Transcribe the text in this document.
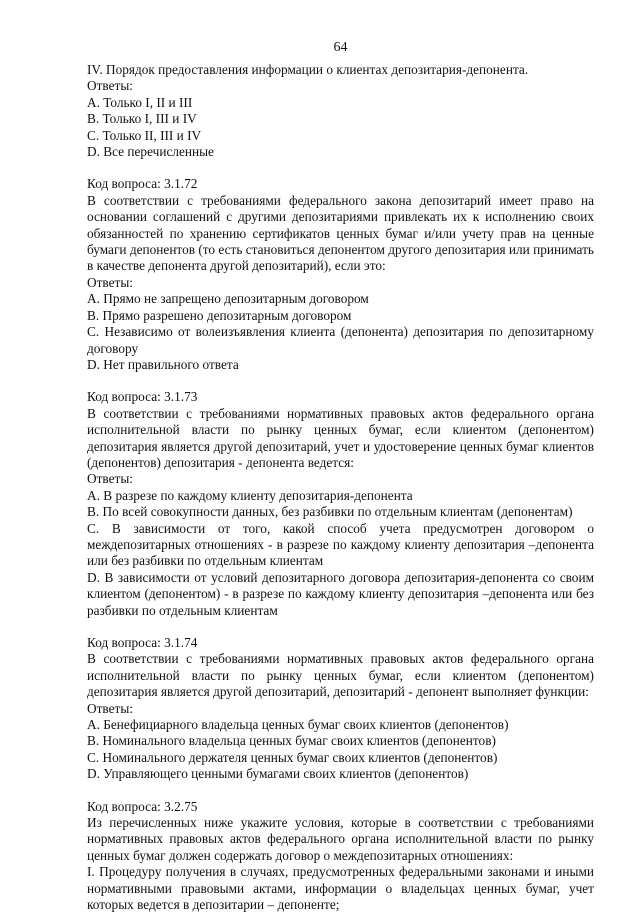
64
IV. Порядок предоставления информации о клиентах депозитария-депонента.
Ответы:
A. Только I, II и III
B. Только I, III и IV
C. Только II, III и IV
D. Все перечисленные
Код вопроса: 3.1.72
В соответствии с требованиями федерального закона депозитарий имеет право на основании соглашений с другими депозитариями привлекать их к исполнению своих обязанностей по хранению сертификатов ценных бумаг и/или учету прав на ценные бумаги депонентов (то есть становиться депонентом другого депозитария или принимать в качестве депонента другой депозитарий), если это:
Ответы:
A. Прямо не запрещено депозитарным договором
B. Прямо разрешено депозитарным договором
C. Независимо от волеизъявления клиента (депонента) депозитария по депозитарному договору
D. Нет правильного ответа
Код вопроса: 3.1.73
В соответствии с требованиями нормативных правовых актов федерального органа исполнительной власти по рынку ценных бумаг, если клиентом (депонентом) депозитария является другой депозитарий, учет и удостоверение ценных бумаг клиентов (депонентов) депозитария - депонента ведется:
Ответы:
A. В разрезе по каждому клиенту депозитария-депонента
B. По всей совокупности данных, без разбивки по отдельным клиентам (депонентам)
C. В зависимости от того, какой способ учета предусмотрен договором о междепозитарных отношениях - в разрезе по каждому клиенту депозитария –депонента или без разбивки по отдельным клиентам
D. В зависимости от условий депозитарного договора депозитария-депонента со своим клиентом (депонентом) - в разрезе по каждому клиенту депозитария –депонента или без разбивки по отдельным клиентам
Код вопроса: 3.1.74
В соответствии с требованиями нормативных правовых актов федерального органа исполнительной власти по рынку ценных бумаг, если клиентом (депонентом) депозитария является другой депозитарий, депозитарий - депонент выполняет функции:
Ответы:
A. Бенефициарного владельца ценных бумаг своих клиентов (депонентов)
B. Номинального владельца ценных бумаг своих клиентов (депонентов)
C. Номинального держателя ценных бумаг своих клиентов (депонентов)
D. Управляющего ценными бумагами своих клиентов (депонентов)
Код вопроса: 3.2.75
Из перечисленных ниже укажите условия, которые в соответствии с требованиями нормативных правовых актов федерального органа исполнительной власти по рынку ценных бумаг должен содержать договор о междепозитарных отношениях:
I. Процедуру получения в случаях, предусмотренных федеральными законами и иными нормативными правовыми актами, информации о владельцах ценных бумаг, учет которых ведется в депозитарии – депоненте;
